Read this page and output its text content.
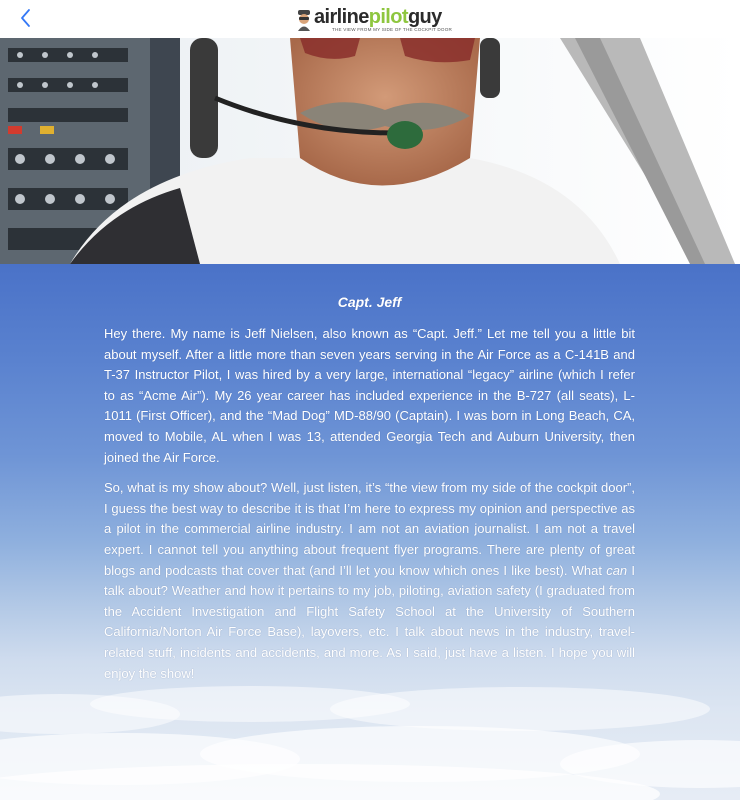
airlinepilotguy
THE VIEW FROM MY SIDE OF THE COCKPIT DOOR
Capt. Jeff

Hey there. My name is Jeff Nielsen, also known as “Capt. Jeff.” Let me tell you a little bit about myself. After a little more than seven years serving in the Air Force as a C-141B and T-37 Instructor Pilot, I was hired by a very large, international “legacy” airline (which I refer to as “Acme Air”). My 26 year career has included experience in the B-727 (all seats), L-1011 (First Officer), and the “Mad Dog” MD-88/90 (Captain). I was born in Long Beach, CA, moved to Mobile, AL when I was 13, attended Georgia Tech and Auburn University, then joined the Air Force.

So, what is my show about? Well, just listen, it’s “the view from my side of the cockpit door”, I guess the best way to describe it is that I’m here to express my opinion and perspective as a pilot in the commercial airline industry. I am not an aviation journalist. I am not a travel expert. I cannot tell you anything about frequent flyer programs. There are plenty of great blogs and podcasts that cover that (and I’ll let you know which ones I like best). What can I talk about? Weather and how it pertains to my job, piloting, aviation safety (I graduated from the Accident Investigation and Flight Safety School at the University of Southern California/Norton Air Force Base), layovers, etc. I talk about news in the industry, travel-related stuff, incidents and accidents, and more. As I said, just have a listen. I hope you will enjoy the show!
